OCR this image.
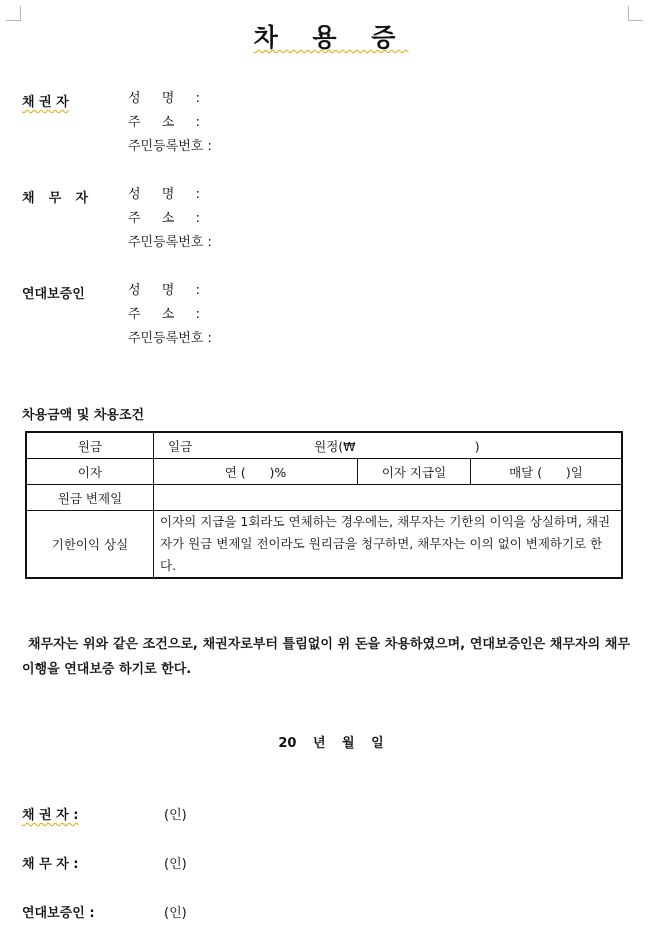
차 용 증
채 권 자	성 명 :
주 소 :
주민등록번호 :
채 무 자	성 명 :
주 소 :
주민등록번호 :
연대보증인	성 명 :
주 소 :
주민등록번호 :
차용금액 및 차용조건
원금	일금 원정(₩                              )		
이자	연 (      )%	이자 지급일	매달 (      )일
원금 변제일			
기한이익 상실	이자의 지급을 1회라도 연체하는 경우에는, 채무자는 기한의 이익을 상실하며, 채권자가 원금 변제일 전이라도 원리금을 청구하면, 채무자는 이의 없이 변제하기로 한다.		
채무자는 위와 같은 조건으로, 채권자로부터 틀림없이 위 돈을 차용하였으며, 연대보증인은 채무자의 채무이행을 연대보증 하기로 한다.
20 년 월 일
채 권 자 :	(인)
채 무 자 :	(인)
연대보증인 :	(인)
